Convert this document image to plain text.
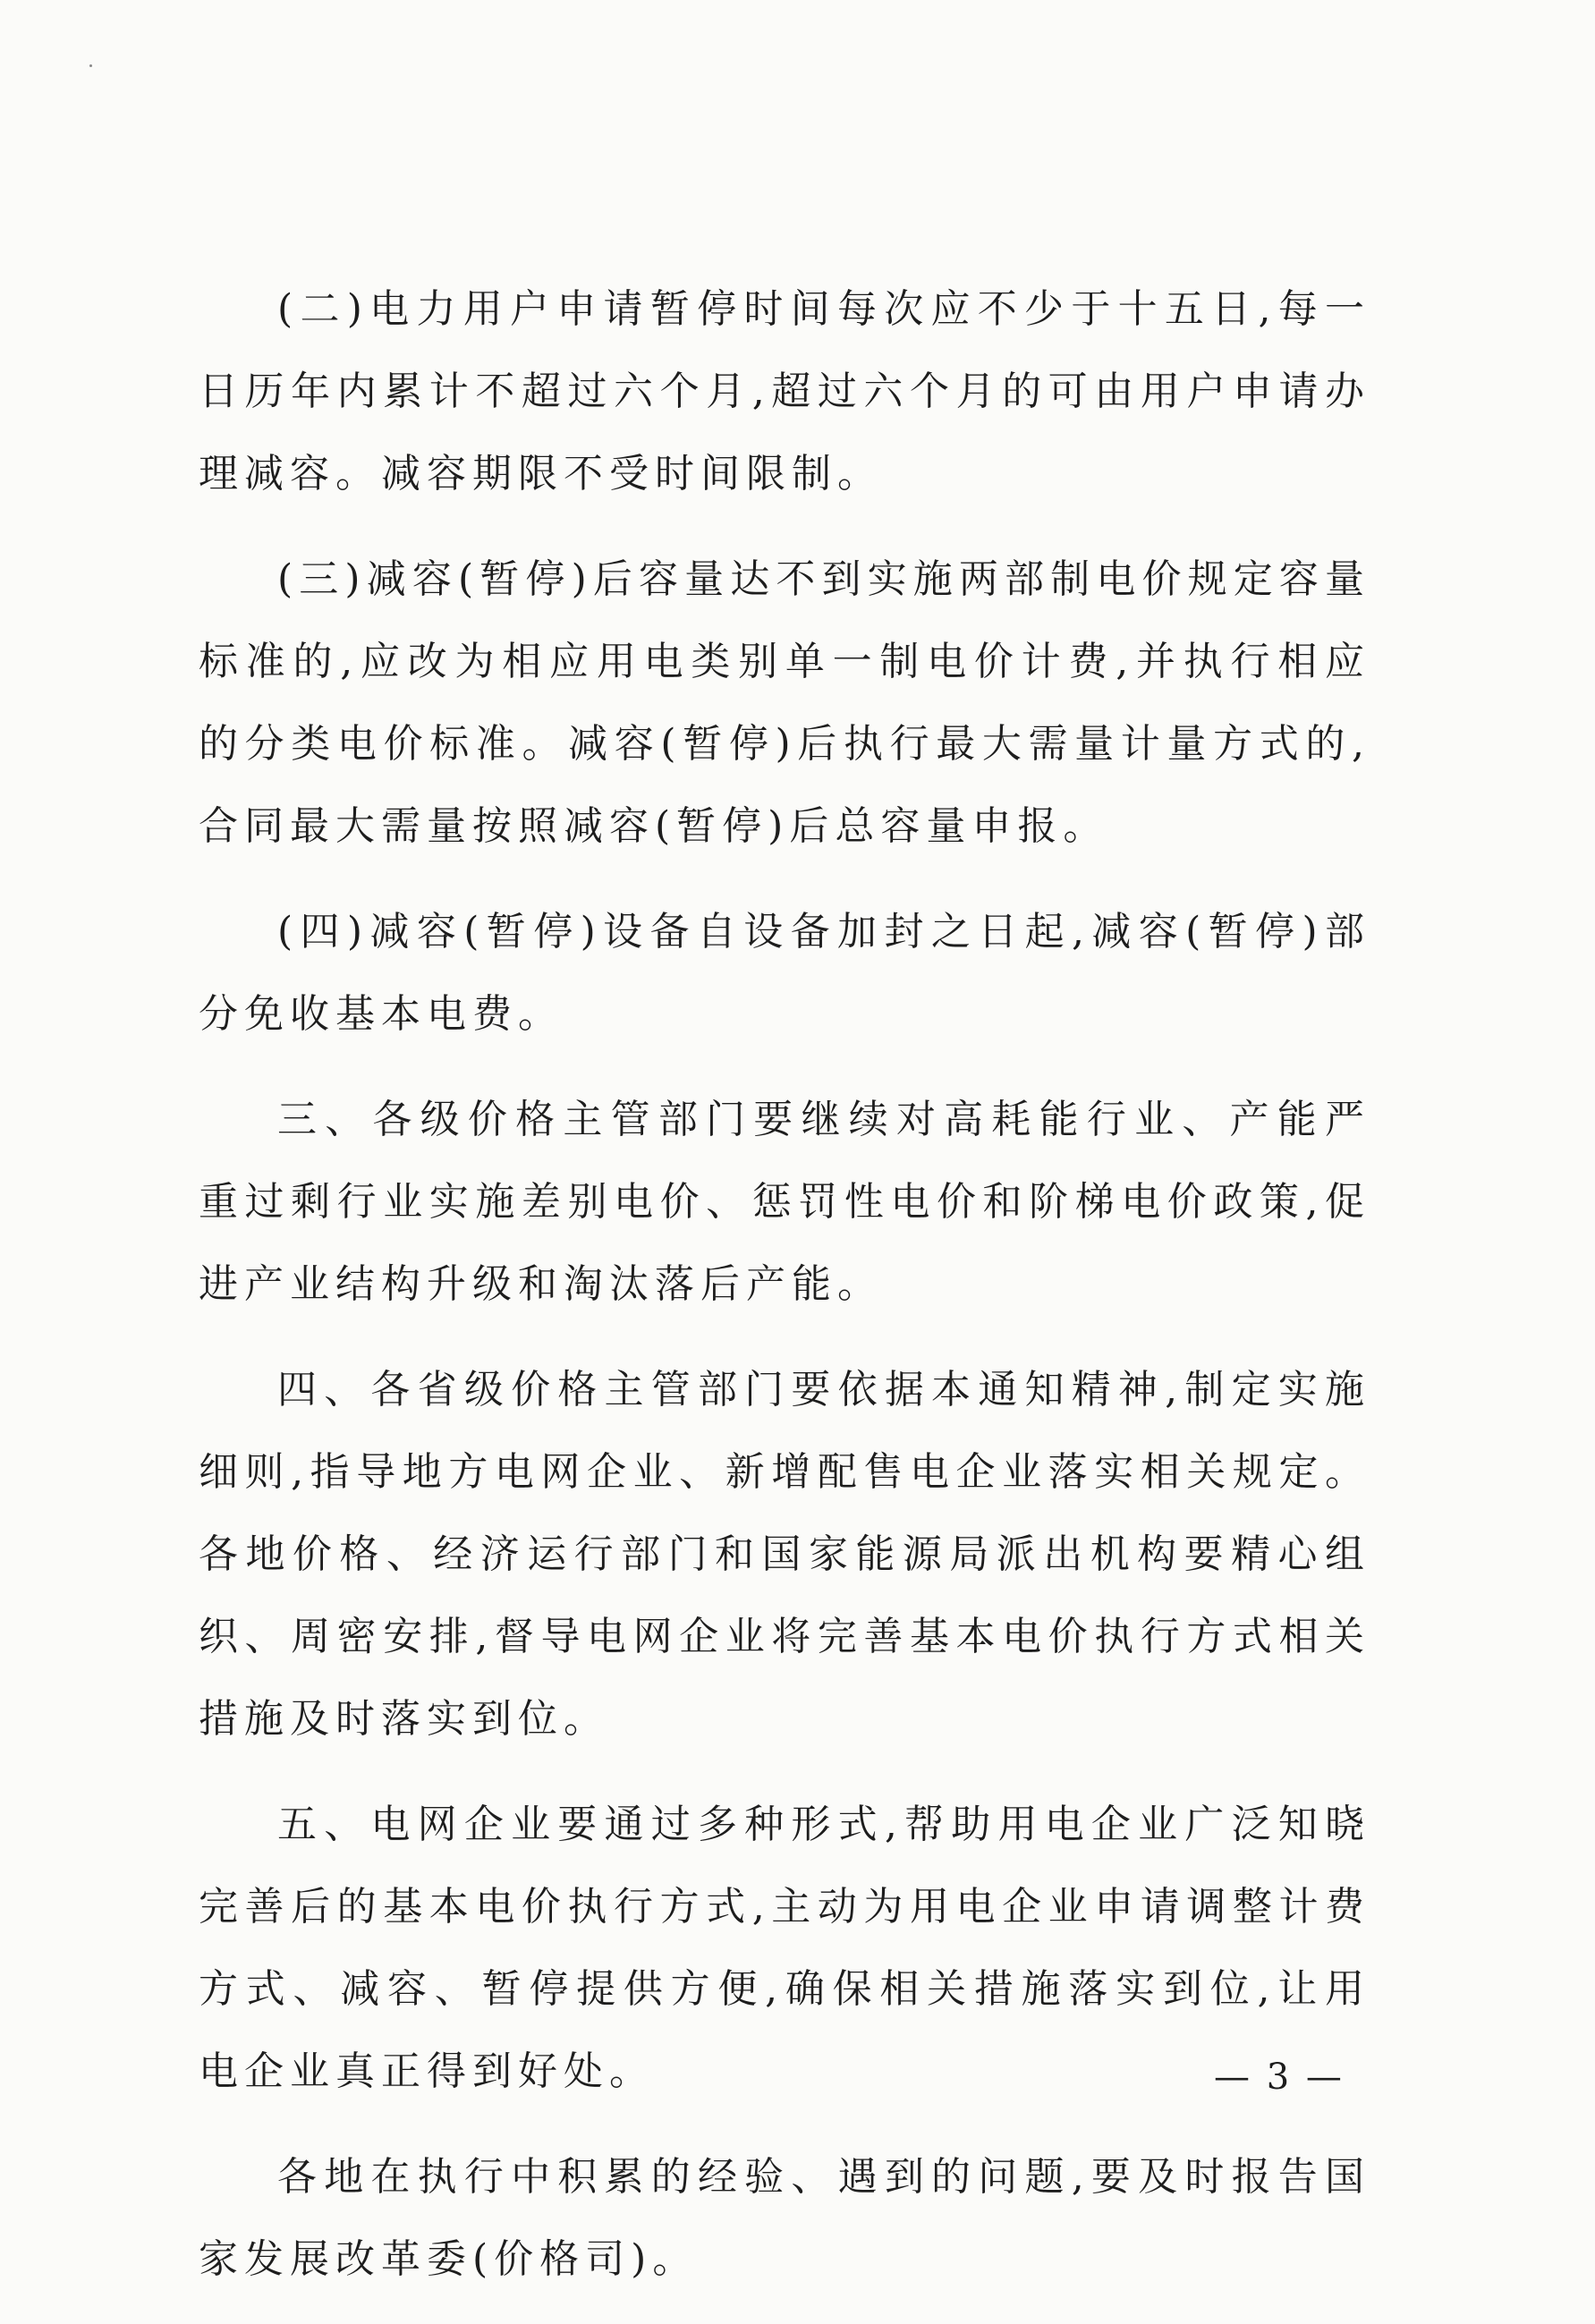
(二)电力用户申请暂停时间每次应不少于十五日,每一日历年内累计不超过六个月,超过六个月的可由用户申请办理减容。减容期限不受时间限制。

(三)减容(暂停)后容量达不到实施两部制电价规定容量标准的,应改为相应用电类别单一制电价计费,并执行相应的分类电价标准。减容(暂停)后执行最大需量计量方式的,合同最大需量按照减容(暂停)后总容量申报。

(四)减容(暂停)设备自设备加封之日起,减容(暂停)部分免收基本电费。

三、各级价格主管部门要继续对高耗能行业、产能严重过剩行业实施差别电价、惩罚性电价和阶梯电价政策,促进产业结构升级和淘汰落后产能。

四、各省级价格主管部门要依据本通知精神,制定实施细则,指导地方电网企业、新增配售电企业落实相关规定。各地价格、经济运行部门和国家能源局派出机构要精心组织、周密安排,督导电网企业将完善基本电价执行方式相关措施及时落实到位。

五、电网企业要通过多种形式,帮助用电企业广泛知晓完善后的基本电价执行方式,主动为用电企业申请调整计费方式、减容、暂停提供方便,确保相关措施落实到位,让用电企业真正得到好处。

各地在执行中积累的经验、遇到的问题,要及时报告国家发展改革委(价格司)。

— 3 —
